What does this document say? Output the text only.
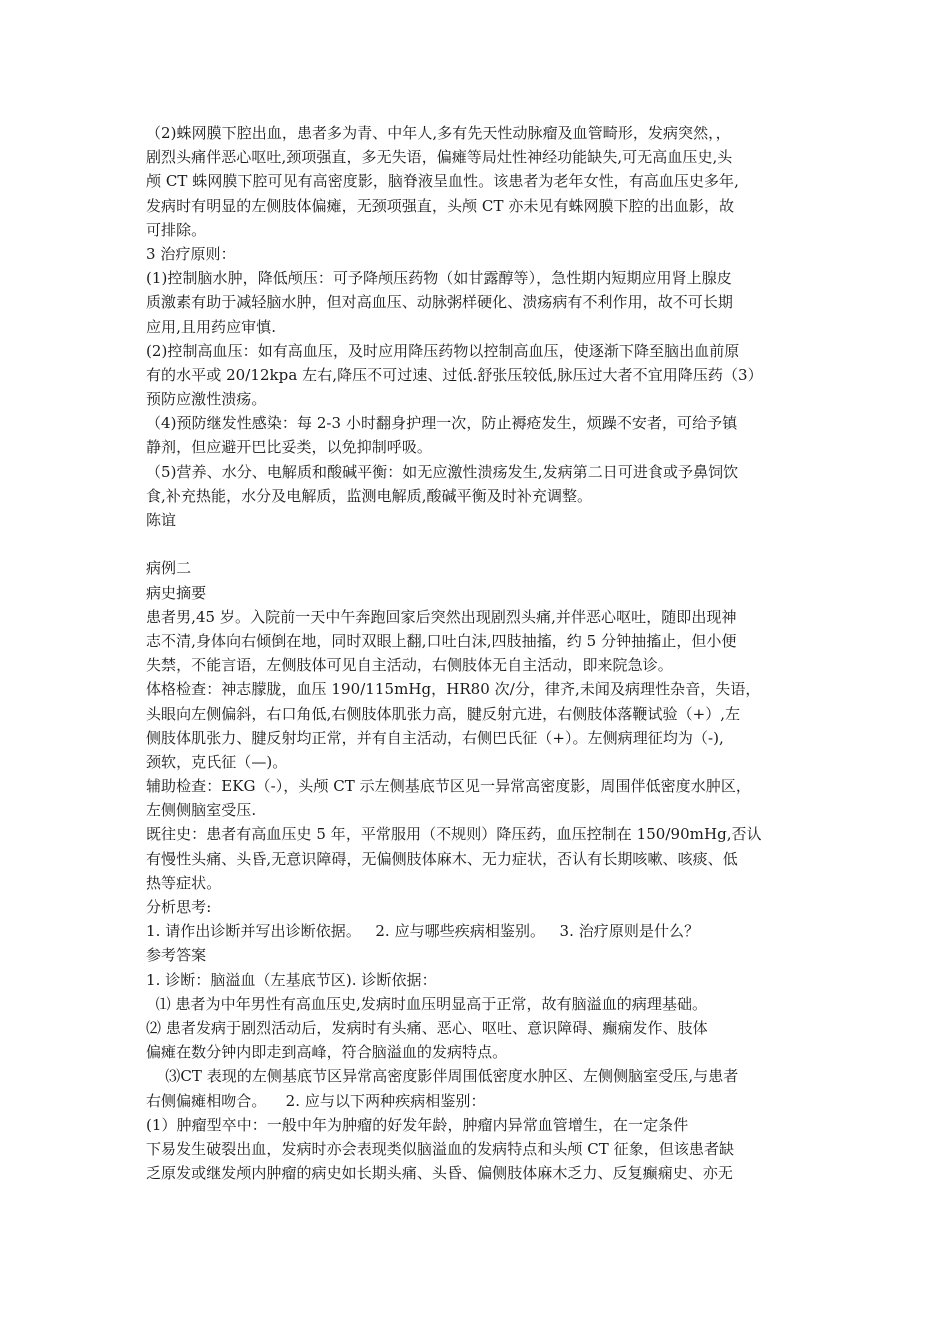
（2)蛛网膜下腔出血，患者多为青、中年人,多有先天性动脉瘤及血管畸形，发病突然，，
剧烈头痛伴恶心呕吐,颈项强直，多无失语，偏瘫等局灶性神经功能缺失,可无高血压史,头
颅 CT 蛛网膜下腔可见有高密度影，脑脊液呈血性。该患者为老年女性，有高血压史多年,
发病时有明显的左侧肢体偏瘫，无颈项强直，头颅 CT 亦未见有蛛网膜下腔的出血影，故
可排除。
3 治疗原则：
(1)控制脑水肿，降低颅压：可予降颅压药物（如甘露醇等），急性期内短期应用肾上腺皮
质激素有助于减轻脑水肿，但对高血压、动脉粥样硬化、溃疡病有不利作用，故不可长期
应用,且用药应审慎.
(2)控制高血压：如有高血压，及时应用降压药物以控制高血压，使逐渐下降至脑出血前原
有的水平或 20/12kpa 左右,降压不可过速、过低.舒张压较低,脉压过大者不宜用降压药（3）
预防应激性溃疡。
（4)预防继发性感染：每 2-3 小时翻身护理一次，防止褥疮发生，烦躁不安者，可给予镇
静剂，但应避开巴比妥类，以免抑制呼吸。
（5)营养、水分、电解质和酸碱平衡：如无应激性溃疡发生,发病第二日可进食或予鼻饲饮
食,补充热能，水分及电解质，监测电解质,酸碱平衡及时补充调整。
陈谊
病例二
病史摘要
患者男,45 岁。入院前一天中午奔跑回家后突然出现剧烈头痛,并伴恶心呕吐，随即出现神
志不清,身体向右倾倒在地，同时双眼上翻,口吐白沫,四肢抽搐，约 5 分钟抽搐止，但小便
失禁，不能言语，左侧肢体可见自主活动，右侧肢体无自主活动，即来院急诊。
体格检查：神志朦胧，血压 190/115mHg，HR80 次/分，律齐,未闻及病理性杂音，失语，
头眼向左侧偏斜，右口角低,右侧肢体肌张力高，腱反射亢进，右侧肢体落鞭试验（+）,左
侧肢体肌张力、腱反射均正常，并有自主活动，右侧巴氏征（+）。左侧病理征均为（-),
颈软，克氏征（—)。
辅助检查：EKG（-），头颅 CT 示左侧基底节区见一异常高密度影，周围伴低密度水肿区，
左侧侧脑室受压.
既往史：患者有高血压史 5 年，平常服用（不规则）降压药，血压控制在 150/90mHg,否认
有慢性头痛、头昏,无意识障碍，无偏侧肢体麻木、无力症状，否认有长期咳嗽、咳痰、低
热等症状。
分析思考:
1. 请作出诊断并写出诊断依据。   2. 应与哪些疾病相鉴别。   3. 治疗原则是什么？
参考答案
1. 诊断：脑溢血（左基底节区). 诊断依据：
⑴ 患者为中年男性有高血压史,发病时血压明显高于正常，故有脑溢血的病理基础。
⑵ 患者发病于剧烈活动后，发病时有头痛、恶心、呕吐、意识障碍、癫痫发作、肢体
偏瘫在数分钟内即走到高峰，符合脑溢血的发病特点。
⑶CT 表现的左侧基底节区异常高密度影伴周围低密度水肿区、左侧侧脑室受压,与患者
右侧偏瘫相吻合。    2. 应与以下两种疾病相鉴别：
(1）肿瘤型卒中：一般中年为肿瘤的好发年龄，肿瘤内异常血管增生，在一定条件
下易发生破裂出血，发病时亦会表现类似脑溢血的发病特点和头颅 CT 征象，但该患者缺
乏原发或继发颅内肿瘤的病史如长期头痛、头昏、偏侧肢体麻木乏力、反复癫痫史、亦无
